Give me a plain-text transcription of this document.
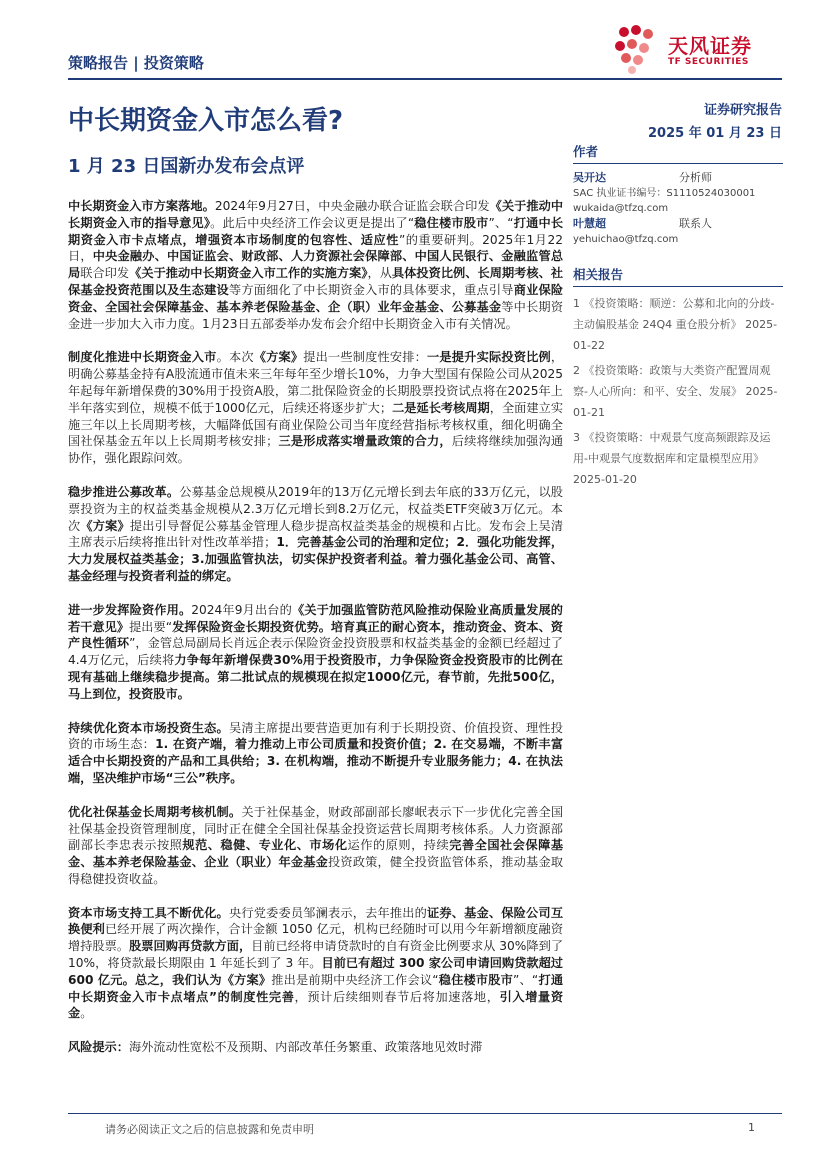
策略报告 | 投资策略
天风证券
TF SECURITIES
中长期资金入市怎么看?
1 月 23 日国新办发布会点评
证券研究报告
2025 年 01 月 23 日

中长期资金入市方案落地。2024年9月27日，中央金融办联合证监会联合印发《关于推动中长期资金入市的指导意见》。此后中央经济工作会议更是提出了“稳住楼市股市”、“打通中长期资金入市卡点堵点，增强资本市场制度的包容性、适应性”的重要研判。2025年1月22日，中央金融办、中国证监会、财政部、人力资源社会保障部、中国人民银行、金融监管总局联合印发《关于推动中长期资金入市工作的实施方案》，从具体投资比例、长周期考核、社保基金投资范围以及生态建设等方面细化了中长期资金入市的具体要求，重点引导商业保险资金、全国社会保障基金、基本养老保险基金、企（职）业年金基金、公募基金等中长期资金进一步加大入市力度。1月23日五部委举办发布会介绍中长期资金入市有关情况。

制度化推进中长期资金入市。本次《方案》提出一些制度性安排：一是提升实际投资比例，明确公募基金持有A股流通市值未来三年每年至少增长10%，力争大型国有保险公司从2025年起每年新增保费的30%用于投资A股，第二批保险资金的长期股票投资试点将在2025年上半年落实到位，规模不低于1000亿元，后续还将逐步扩大；二是延长考核周期，全面建立实施三年以上长周期考核，大幅降低国有商业保险公司当年度经营指标考核权重，细化明确全国社保基金五年以上长周期考核安排；三是形成落实增量政策的合力，后续将继续加强沟通协作，强化跟踪问效。

稳步推进公募改革。公募基金总规模从2019年的13万亿元增长到去年底的33万亿元，以股票投资为主的权益类基金规模从2.3万亿元增长到8.2万亿元，权益类ETF突破3万亿元。本次《方案》提出引导督促公募基金管理人稳步提高权益类基金的规模和占比。发布会上吴清主席表示后续将推出针对性改革举措；1．完善基金公司的治理和定位；2．强化功能发挥，大力发展权益类基金；3.加强监管执法，切实保护投资者利益。着力强化基金公司、高管、基金经理与投资者利益的绑定。

进一步发挥险资作用。2024年9月出台的《关于加强监管防范风险推动保险业高质量发展的若干意见》提出要“发挥保险资金长期投资优势。培育真正的耐心资本，推动资金、资本、资产良性循环”，金管总局副局长肖远企表示保险资金投资股票和权益类基金的金额已经超过了4.4万亿元，后续将力争每年新增保费30%用于投资股市，力争保险资金投资股市的比例在现有基础上继续稳步提高。第二批试点的规模现在拟定1000亿元，春节前，先批500亿，马上到位，投资股市。

持续优化资本市场投资生态。吴清主席提出要营造更加有利于长期投资、价值投资、理性投资的市场生态：1. 在资产端，着力推动上市公司质量和投资价值；2. 在交易端，不断丰富适合中长期投资的产品和工具供给；3. 在机构端，推动不断提升专业服务能力；4. 在执法端，坚决维护市场“三公”秩序。

优化社保基金长周期考核机制。关于社保基金，财政部副部长廖岷表示下一步优化完善全国社保基金投资管理制度，同时正在健全全国社保基金投资运营长周期考核体系。人力资源部副部长李忠表示按照规范、稳健、专业化、市场化运作的原则，持续完善全国社会保障基金、基本养老保险基金、企业（职业）年金基金投资政策，健全投资监管体系，推动基金取得稳健投资收益。

资本市场支持工具不断优化。央行党委委员邹澜表示，去年推出的证券、基金、保险公司互换便利已经开展了两次操作，合计金额 1050 亿元，机构已经随时可以用今年新增额度融资增持股票。股票回购再贷款方面，目前已经将申请贷款时的自有资金比例要求从 30%降到了 10%，将贷款最长期限由 1 年延长到了 3 年。目前已有超过 300 家公司申请回购贷款超过 600 亿元。总之，我们认为《方案》推出是前期中央经济工作会议“稳住楼市股市”、“打通中长期资金入市卡点堵点”的制度性完善，预计后续细则春节后将加速落地，引入增量资金。

风险提示：海外流动性宽松不及预期、内部改革任务繁重、政策落地见效时滞

作者
吴开达	分析师
SAC 执业证书编号：S1110524030001
wukaida@tfzq.com
叶慧超	联系人
yehuichao@tfzq.com
相关报告
1 《投资策略：顺逆：公募和北向的分歧-主动偏股基金 24Q4 重仓股分析》 2025-01-22
2 《投资策略：政策与大类资产配置周观察-人心所向：和平、安全、发展》 2025-01-21
3 《投资策略：中观景气度高频跟踪及运用-中观景气度数据库和定量模型应用》 2025-01-20
请务必阅读正文之后的信息披露和免责申明	1
